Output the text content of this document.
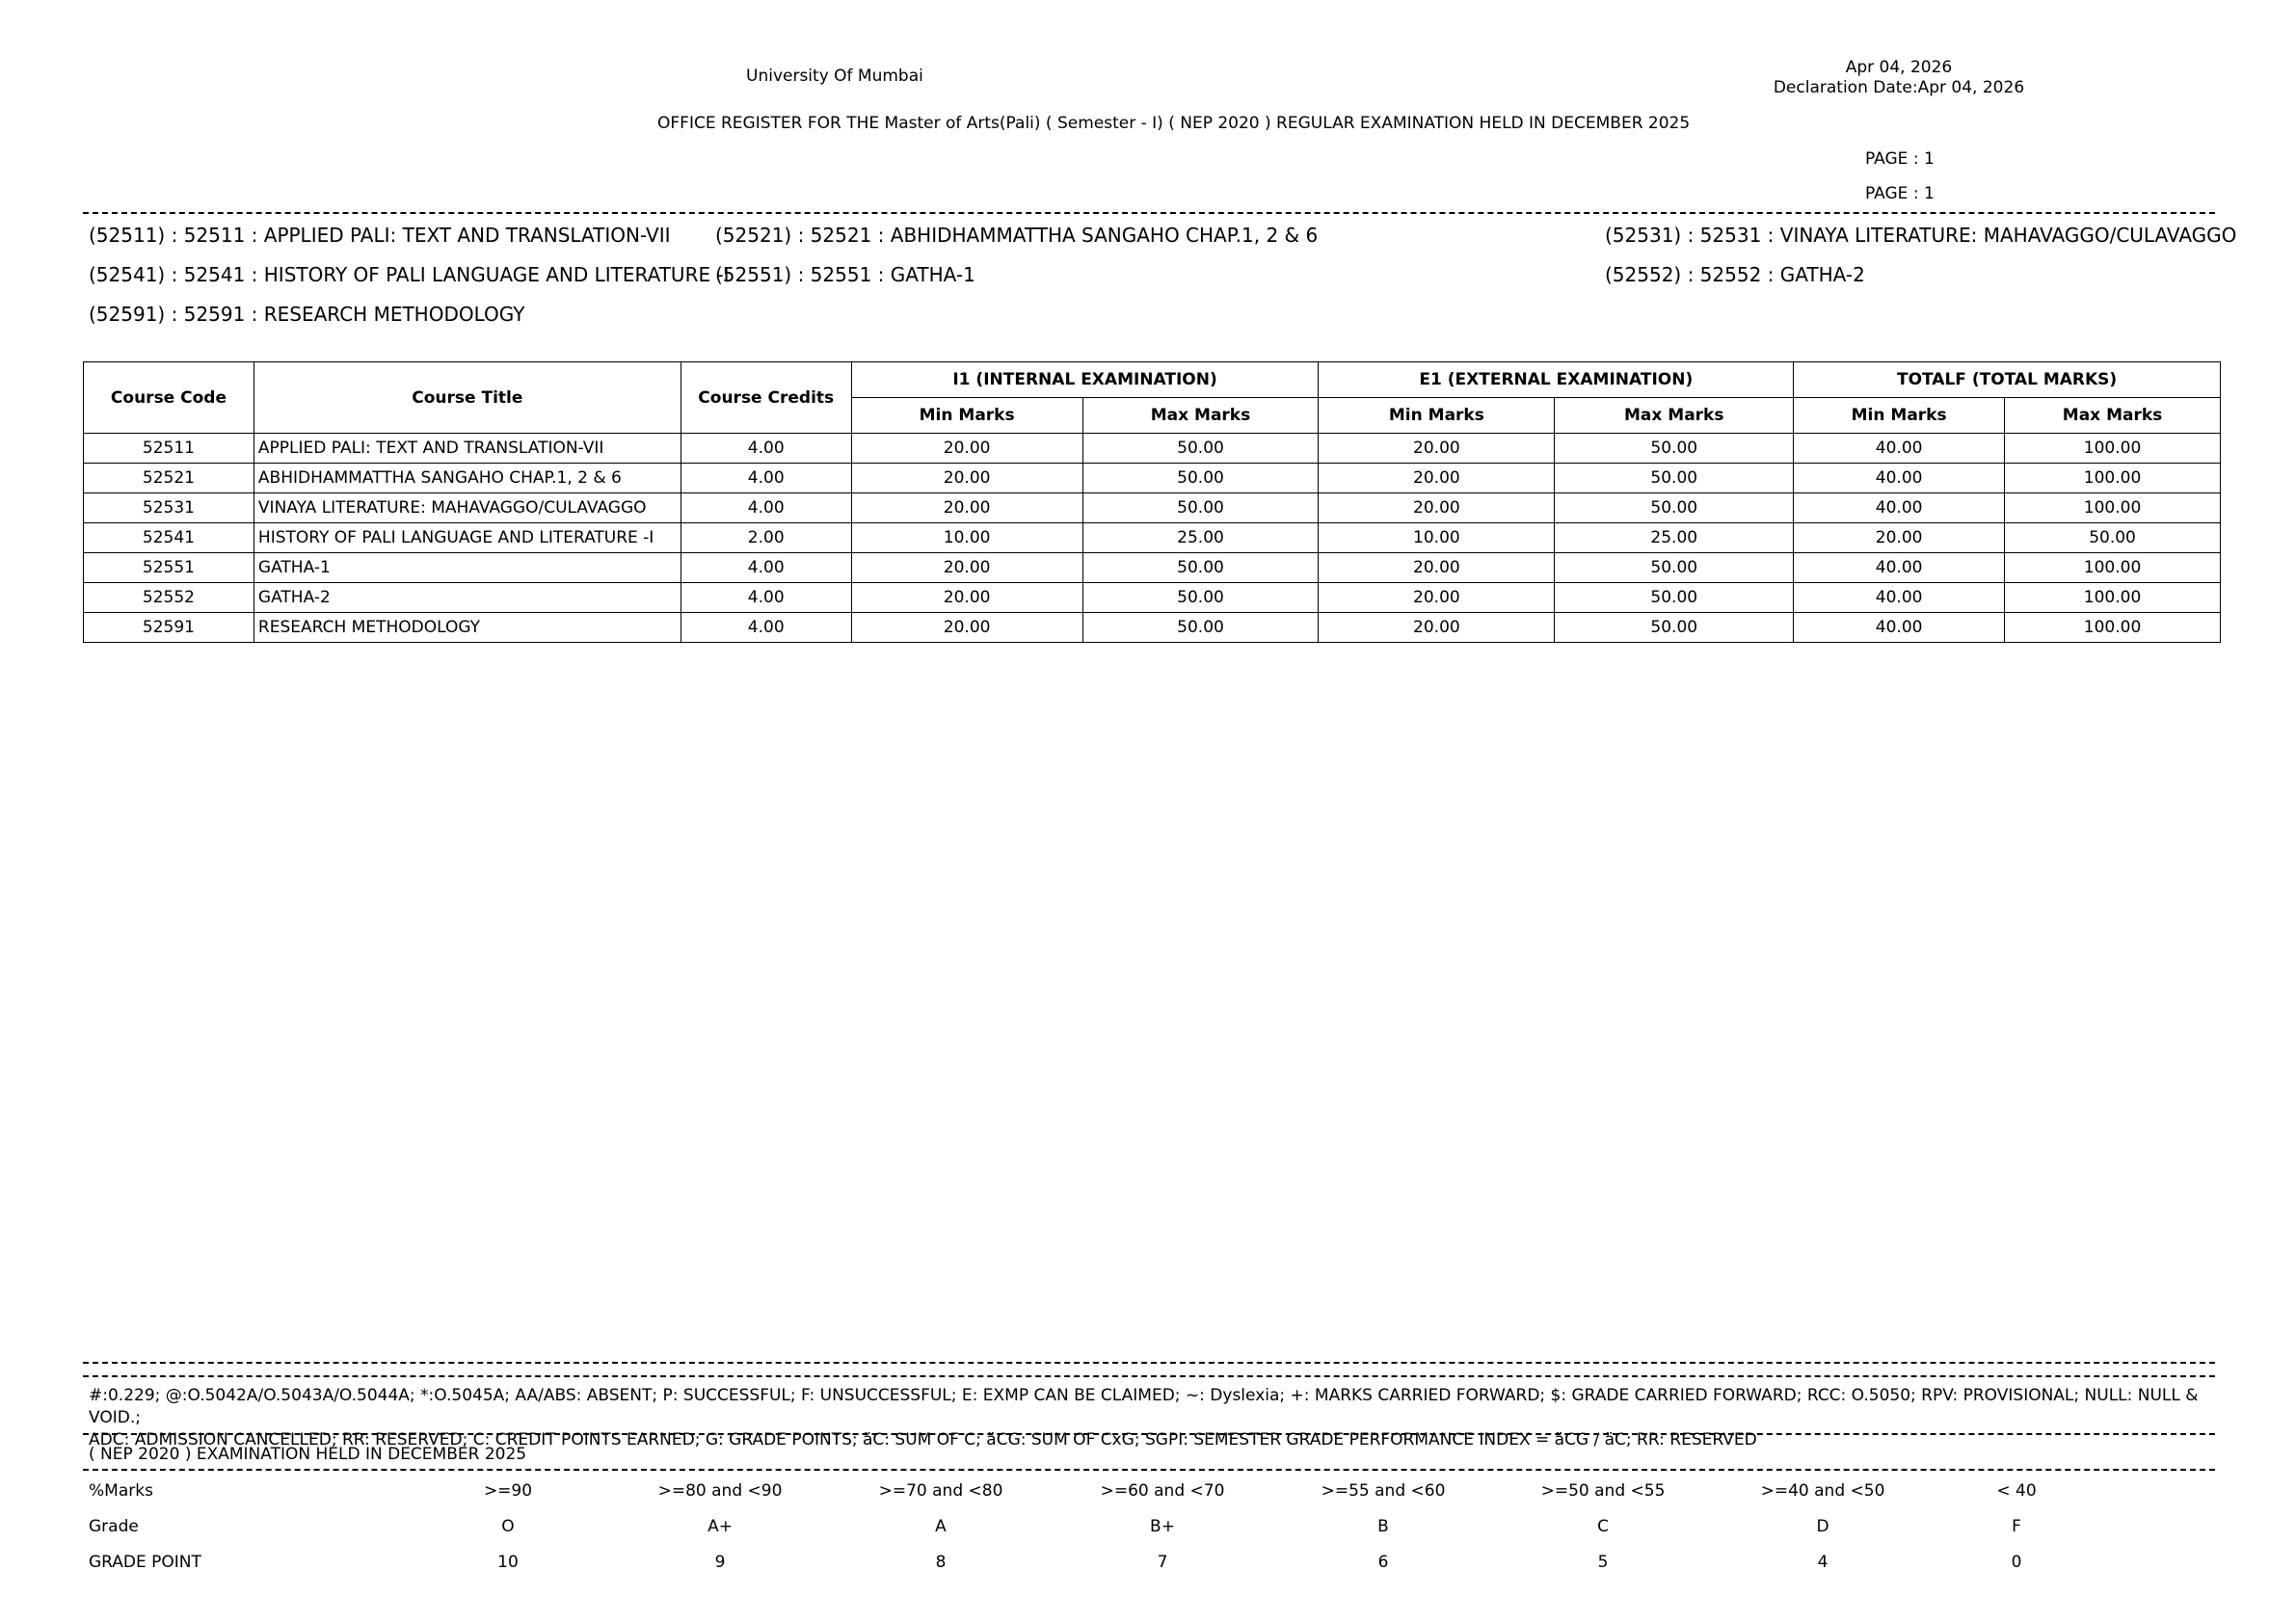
University Of Mumbai	Apr 04, 2026
Declaration Date:Apr 04, 2026
OFFICE REGISTER FOR THE Master of Arts(Pali) ( Semester - I) ( NEP 2020 ) REGULAR EXAMINATION HELD IN DECEMBER 2025
PAGE : 1
PAGE : 1
(52511) : 52511 : APPLIED PALI: TEXT AND TRANSLATION-VII (52521) : 52521 : ABHIDHAMMATTHA SANGAHO CHAP.1, 2 & 6	(52531) : 52531 : VINAYA LITERATURE: MAHAVAGGO/CULAVAGGO
(52541) : 52541 : HISTORY OF PALI LANGUAGE AND LITERATURE -I
(52551) : 52551 : GATHA-1	(52552) : 52552 : GATHA-2
(52591) : 52591 : RESEARCH METHODOLOGY
Course Code	Course Title	Course Credits	I1 (INTERNAL EXAMINATION)		E1 (EXTERNAL EXAMINATION)		TOTALF (TOTAL MARKS)	
			Min Marks	Max Marks	Min Marks	Max Marks	Min Marks	Max Marks
52511	APPLIED PALI: TEXT AND TRANSLATION-VII	4.00	20.00	50.00	20.00	50.00	40.00	100.00
52521	ABHIDHAMMATTHA SANGAHO CHAP.1, 2 & 6	4.00	20.00	50.00	20.00	50.00	40.00	100.00
52531	VINAYA LITERATURE: MAHAVAGGO/CULAVAGGO	4.00	20.00	50.00	20.00	50.00	40.00	100.00
52541	HISTORY OF PALI LANGUAGE AND LITERATURE -I	2.00	10.00	25.00	10.00	25.00	20.00	50.00
52551	GATHA-1	4.00	20.00	50.00	20.00	50.00	40.00	100.00
52552	GATHA-2	4.00	20.00	50.00	20.00	50.00	40.00	100.00
52591	RESEARCH METHODOLOGY	4.00	20.00	50.00	20.00	50.00	40.00	100.00
#:0.229; @:O.5042A/O.5043A/O.5044A; *:O.5045A; AA/ABS: ABSENT; P: SUCCESSFUL; F: UNSUCCESSFUL; E: EXMP CAN BE CLAIMED; ~: Dyslexia; +: MARKS CARRIED FORWARD; $: GRADE CARRIED FORWARD; RCC: O.5050; RPV: PROVISIONAL; NULL: NULL & VOID.;
ADC: ADMISSION CANCELLED; RR: RESERVED; C: CREDIT POINTS EARNED; G: GRADE POINTS; äC: SUM OF C; äCG: SUM OF CxG; SGPI: SEMESTER GRADE PERFORMANCE INDEX = äCG / äC; RR: RESERVED
( NEP 2020 ) EXAMINATION HELD IN DECEMBER 2025
%Marks	>=90	>=80 and <90	>=70 and <80	>=60 and <70	>=55 and <60	>=50 and <55	>=40 and <50	< 40
Grade	O	A+	A	B+	B	C	D	F
GRADE POINT	10	9	8	7	6	5	4	0
